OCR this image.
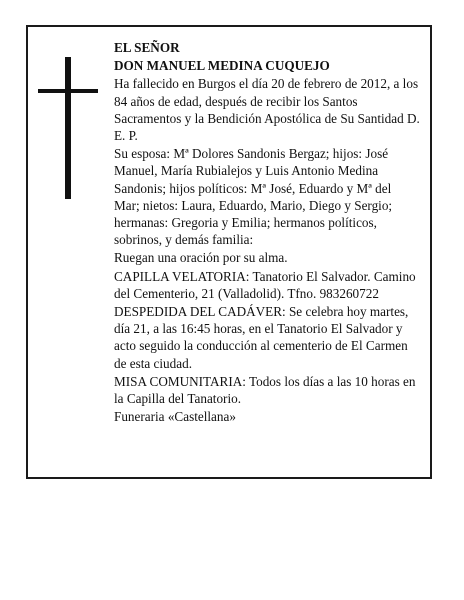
EL SEÑOR

DON MANUEL MEDINA CUQUEJO

Ha fallecido en Burgos el día 20 de febrero de 2012, a los 84 años de edad, después de recibir los Santos Sacramentos y la Bendición Apostólica de Su Santidad D. E. P.

Su esposa: Mª Dolores Sandonis Bergaz; hijos: José Manuel, María Rubialejos y Luis Antonio Medina Sandonis; hijos políticos: Mª José, Eduardo y Mª del Mar; nietos: Laura, Eduardo, Mario, Diego y Sergio; hermanas: Gregoria y Emilia; hermanos políticos, sobrinos, y demás familia:

Ruegan una oración por su alma.

CAPILLA VELATORIA: Tanatorio El Salvador. Camino del Cementerio, 21 (Valladolid). Tfno. 983260722

DESPEDIDA DEL CADÁVER: Se celebra hoy martes, día 21, a las 16:45 horas, en el Tanatorio El Salvador y acto seguido la conducción al cementerio de El Carmen de esta ciudad.

MISA COMUNITARIA: Todos los días a las 10 horas en la Capilla del Tanatorio.

Funeraria «Castellana»
